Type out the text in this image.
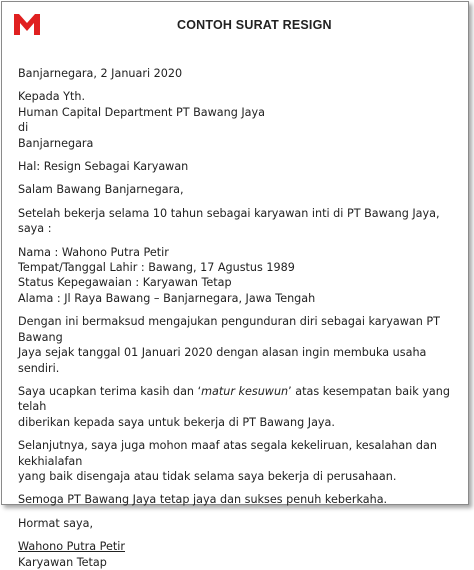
CONTOH SURAT RESIGN

Banjarnegara, 2 Januari 2020

Kepada Yth.

Human Capital Department PT Bawang Jaya

di

Banjarnegara

Hal: Resign Sebagai Karyawan

Salam Bawang Banjarnegara,

Setelah bekerja selama 10 tahun sebagai karyawan inti di PT Bawang Jaya, saya :

Nama : Wahono Putra Petir

Tempat/Tanggal Lahir : Bawang, 17 Agustus 1989

Status Kepegawaian : Karyawan Tetap

Alama : Jl Raya Bawang – Banjarnegara, Jawa Tengah

Dengan ini bermaksud mengajukan pengunduran diri sebagai karyawan PT Bawang

Jaya sejak tanggal 01 Januari 2020 dengan alasan ingin membuka usaha sendiri.

Saya ucapkan terima kasih dan ‘matur kesuwun’ atas kesempatan baik yang telah

diberikan kepada saya untuk bekerja di PT Bawang Jaya.

Selanjutnya, saya juga mohon maaf atas segala kekeliruan, kesalahan dan kekhialafan

yang baik disengaja atau tidak selama saya bekerja di perusahaan.

Semoga PT Bawang Jaya tetap jaya dan sukses penuh keberkaha.

Hormat saya,

Wahono Putra Petir

Karyawan Tetap
